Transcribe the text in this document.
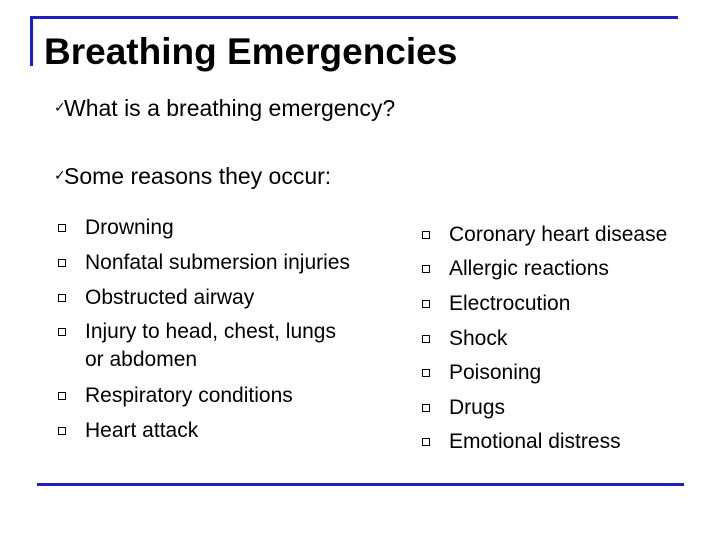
Breathing Emergencies
✓
What is a breathing emergency?
✓
Some reasons they occur:
Drowning
Nonfatal submersion injuries
Obstructed airway
Injury to head, chest, lungs
or abdomen
Respiratory conditions
Heart attack
Coronary heart disease
Allergic reactions
Electrocution
Shock
Poisoning
Drugs
Emotional distress
